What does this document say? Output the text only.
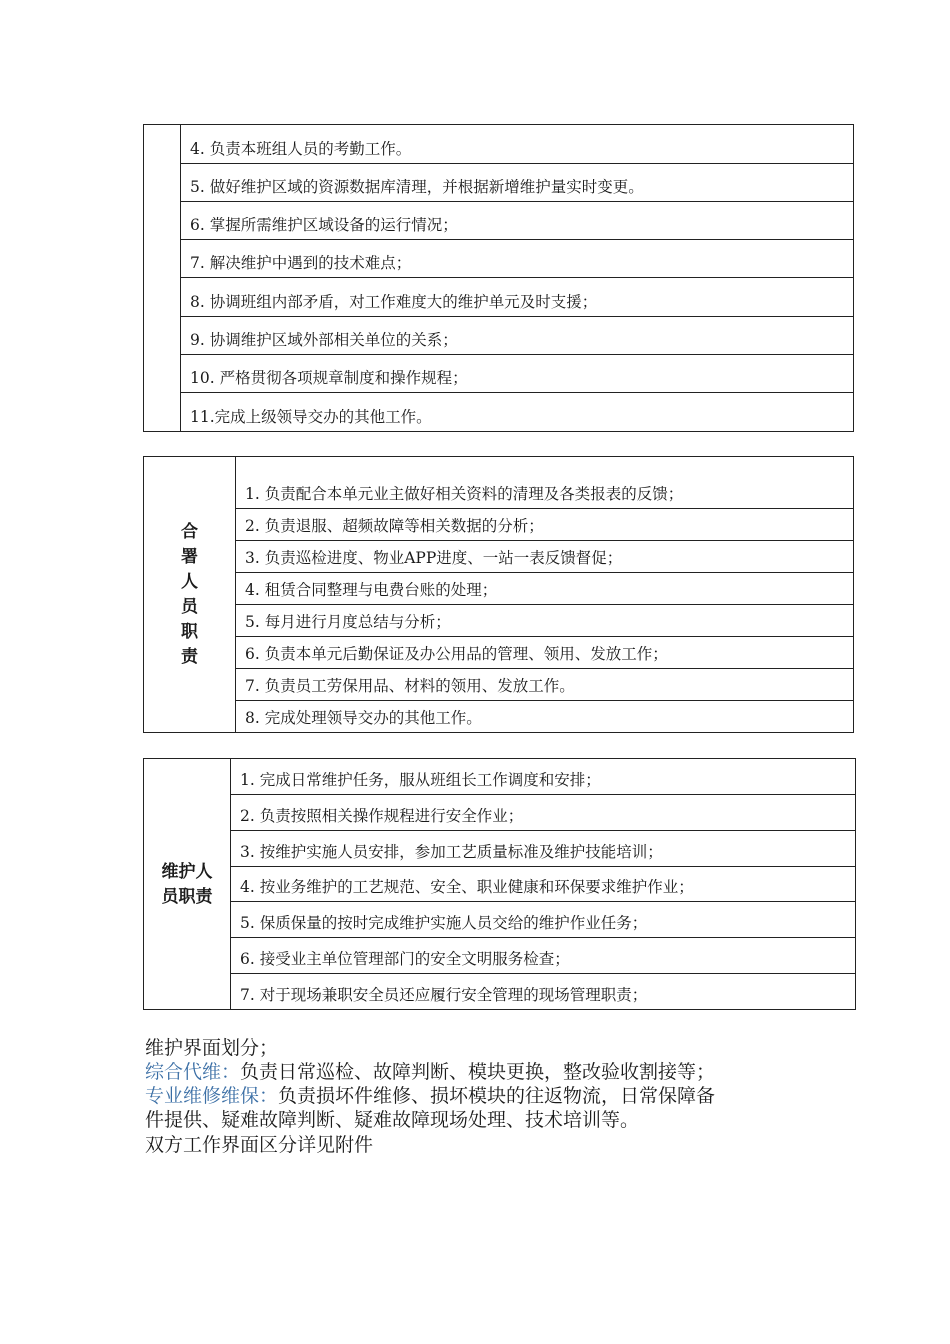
4. 负责本班组人员的考勤工作。
5. 做好维护区域的资源数据库清理，并根据新增维护量实时变更。
6. 掌握所需维护区域设备的运行情况；
7. 解决维护中遇到的技术难点；
8. 协调班组内部矛盾，对工作难度大的维护单元及时支援；
9. 协调维护区域外部相关单位的关系；
10. 严格贯彻各项规章制度和操作规程；
11.完成上级领导交办的其他工作。
合
署
人
员
职
责
1. 负责配合本单元业主做好相关资料的清理及各类报表的反馈；
2. 负责退服、超频故障等相关数据的分析；
3. 负责巡检进度、物业APP进度、一站一表反馈督促；
4. 租赁合同整理与电费台账的处理；
5. 每月进行月度总结与分析；
6. 负责本单元后勤保证及办公用品的管理、领用、发放工作；
7. 负责员工劳保用品、材料的领用、发放工作。
8. 完成处理领导交办的其他工作。
维护人
员职责
1. 完成日常维护任务，服从班组长工作调度和安排；
2. 负责按照相关操作规程进行安全作业；
3. 按维护实施人员安排，参加工艺质量标准及维护技能培训；
4. 按业务维护的工艺规范、安全、职业健康和环保要求维护作业；
5. 保质保量的按时完成维护实施人员交给的维护作业任务；
6. 接受业主单位管理部门的安全文明服务检查；
7. 对于现场兼职安全员还应履行安全管理的现场管理职责；
维护界面划分；
综合代维：负责日常巡检、故障判断、模块更换，整改验收割接等；
专业维修维保：负责损坏件维修、损坏模块的往返物流，日常保障备
件提供、疑难故障判断、疑难故障现场处理、技术培训等。
双方工作界面区分详见附件
